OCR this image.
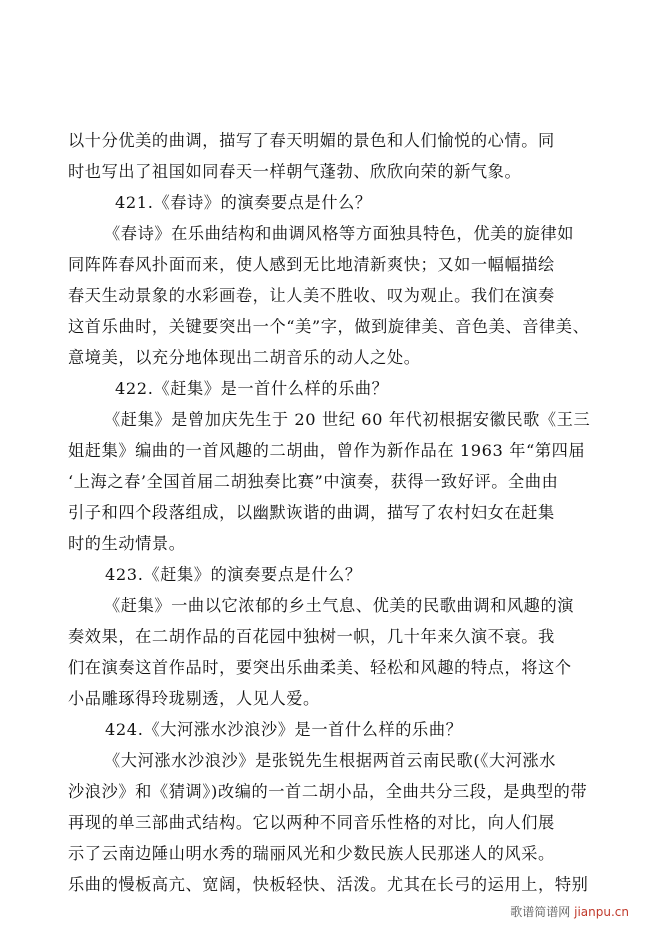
以十分优美的曲调，描写了春天明媚的景色和人们愉悦的心情。同
时也写出了祖国如同春天一样朝气蓬勃、欣欣向荣的新气象。
421.《春诗》的演奏要点是什么？
《春诗》在乐曲结构和曲调风格等方面独具特色，优美的旋律如
同阵阵春风扑面而来，使人感到无比地清新爽快；又如一幅幅描绘
春天生动景象的水彩画卷，让人美不胜收、叹为观止。我们在演奏
这首乐曲时，关键要突出一个“美”字，做到旋律美、音色美、音律美、
意境美，以充分地体现出二胡音乐的动人之处。
422.《赶集》是一首什么样的乐曲？
《赶集》是曾加庆先生于 20 世纪 60 年代初根据安徽民歌《王三
姐赶集》编曲的一首风趣的二胡曲，曾作为新作品在 1963 年“第四届
‘上海之春’全国首届二胡独奏比赛”中演奏，获得一致好评。全曲由
引子和四个段落组成，以幽默诙谐的曲调，描写了农村妇女在赶集
时的生动情景。
423.《赶集》的演奏要点是什么？
《赶集》一曲以它浓郁的乡土气息、优美的民歌曲调和风趣的演
奏效果，在二胡作品的百花园中独树一帜，几十年来久演不衰。我
们在演奏这首作品时，要突出乐曲柔美、轻松和风趣的特点，将这个
小品雕琢得玲珑剔透，人见人爱。
424.《大河涨水沙浪沙》是一首什么样的乐曲？
《大河涨水沙浪沙》是张锐先生根据两首云南民歌(《大河涨水
沙浪沙》和《猜调》)改编的一首二胡小品，全曲共分三段，是典型的带
再现的单三部曲式结构。它以两种不同音乐性格的对比，向人们展
示了云南边陲山明水秀的瑞丽风光和少数民族人民那迷人的风采。
乐曲的慢板高亢、宽阔，快板轻快、活泼。尤其在长弓的运用上，特别
歌谱简谱网 jianpu.cn
